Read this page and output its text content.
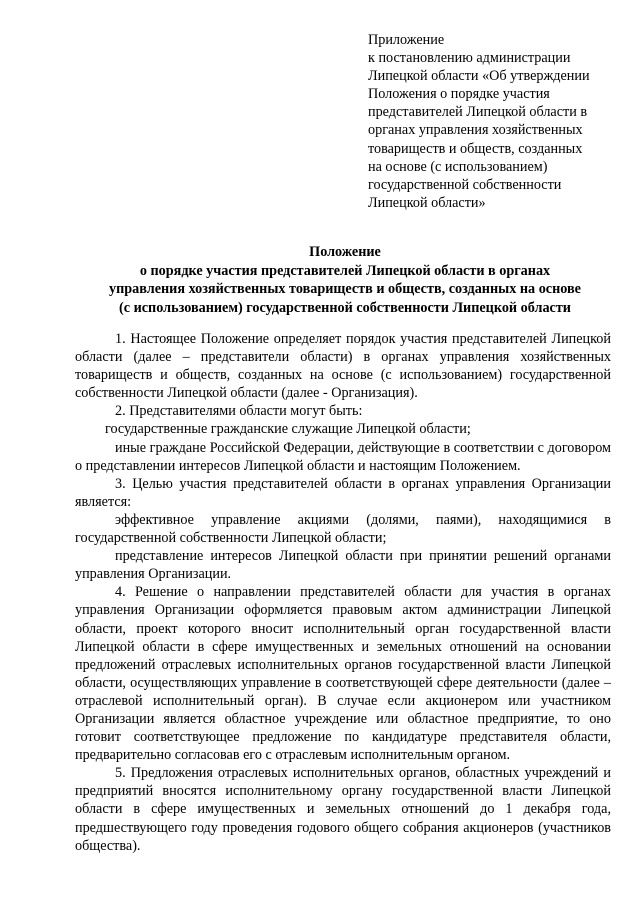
Приложение
к постановлению администрации
Липецкой области «Об утверждении
Положения о порядке участия
представителей Липецкой области в
органах управления хозяйственных
товариществ и обществ, созданных
на основе (с использованием)
государственной собственности
Липецкой области»
Положение
о порядке участия представителей Липецкой области в органах
управления хозяйственных товариществ и обществ, созданных на основе
(с использованием) государственной собственности Липецкой области

1. Настоящее Положение определяет порядок участия представителей Липецкой области (далее – представители области) в органах управления хозяйственных товариществ и обществ, созданных на основе (с использованием) государственной собственности Липецкой области (далее - Организация).

2. Представителями области могут быть:

государственные гражданские служащие Липецкой области;

иные граждане Российской Федерации, действующие в соответствии с договором о представлении интересов Липецкой области и настоящим Положением.

3. Целью участия представителей области в органах управления Организации является:

эффективное управление акциями (долями, паями), находящимися в государственной собственности Липецкой области;

представление интересов Липецкой области при принятии решений органами управления Организации.

4. Решение о направлении представителей области для участия в органах управления Организации оформляется правовым актом администрации Липецкой области, проект которого вносит исполнительный орган государственной власти Липецкой области в сфере имущественных и земельных отношений на основании предложений отраслевых исполнительных органов государственной власти Липецкой области, осуществляющих управление в соответствующей сфере деятельности (далее – отраслевой исполнительный орган). В случае если акционером или участником Организации является областное учреждение или областное предприятие, то оно готовит соответствующее предложение по кандидатуре представителя области, предварительно согласовав его с отраслевым исполнительным органом.

5. Предложения отраслевых исполнительных органов, областных учреждений и предприятий вносятся исполнительному органу государственной власти Липецкой области в сфере имущественных и земельных отношений до 1 декабря года, предшествующего году проведения годового общего собрания акционеров (участников общества).
